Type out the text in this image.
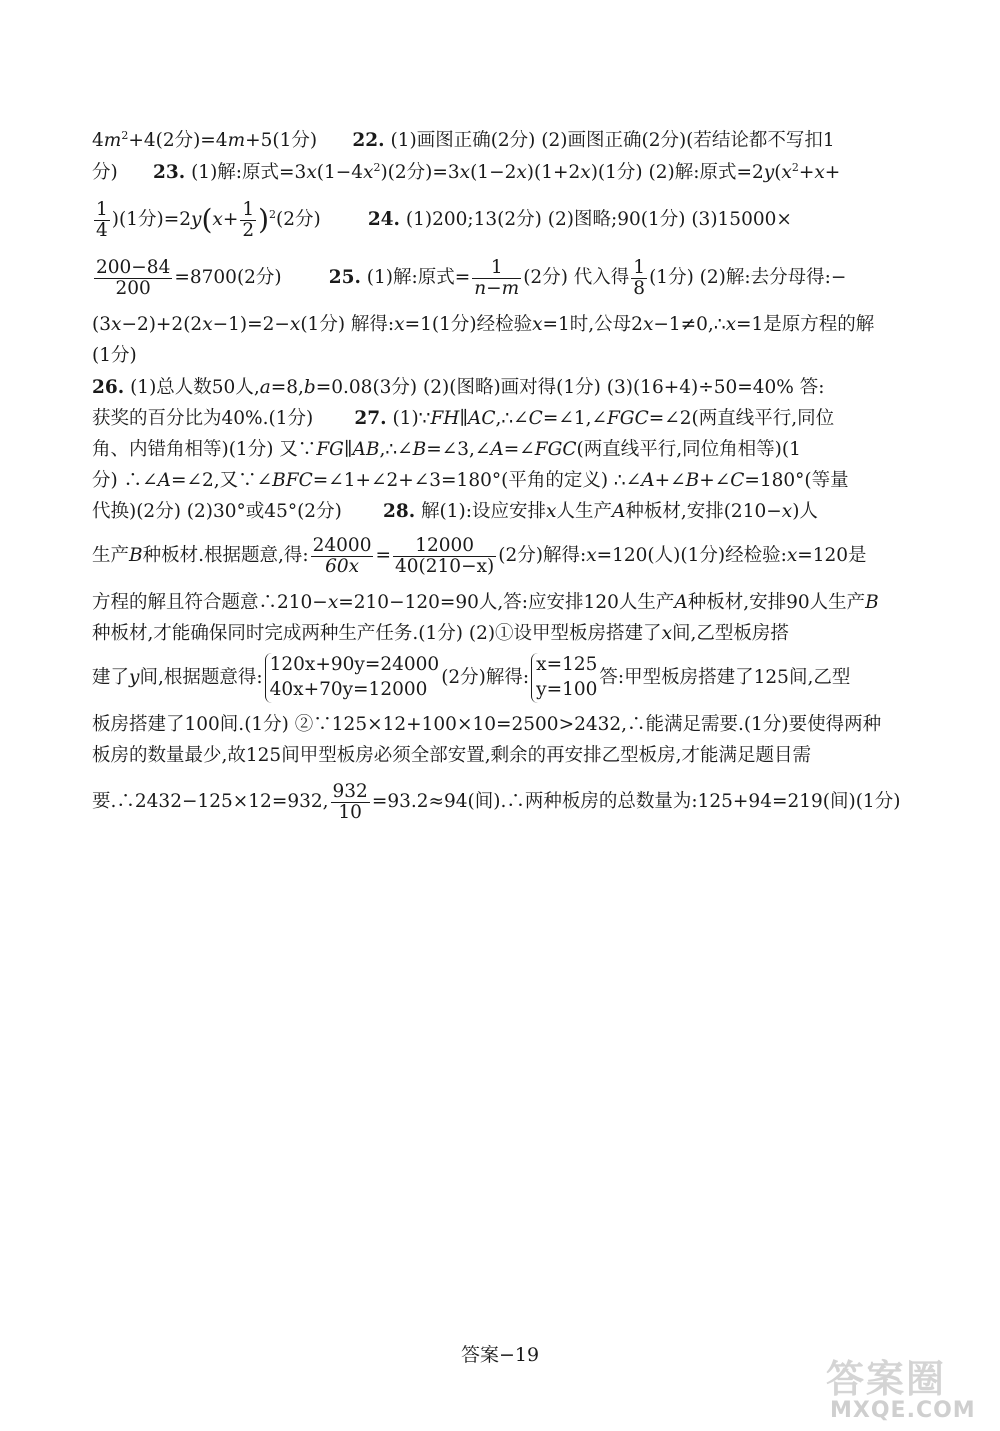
$4m^2+4(2$分)=4m+5(1分) 22. (1)画图正确(2分) (2)画图正确(2分)(若结论都不写扣1
分) 23. (1)解:原式$=3x(1-4x^2)(2$分)=3x(1−2x)(1+2x)(1分) (2)解:原式$=2y(x^2+x+$
$\frac{1}{4} )(1$分)$=2y(x+ \frac{1}{2} )^2(2$分)	24. (1)200;13(2分) (2)图略;90(1分) (3)15000×
$\frac{200-84}{200} =8700(2$分)	25. (1)解:原式= $\frac{1}{n-m} (2$分) 代入得 $\frac{1}{8} (1$分) (2)解:去分母得:−
(3x−2)+2(2x−1)=2−x(1分) 解得:x=1(1分)经检验x=1时,公母2x−1≠0,∴x=1是原方程的解
(1分)
26. (1)总人数50人,a=8,b=0.08(3分) (2)(图略)画对得(1分) (3)(16+4)÷50=40% 答:
获奖的百分比为40%.(1分) 27. (1)∵FH∥AC,∴∠C=∠1,∠FGC=∠2(两直线平行,同位
角、内错角相等)(1分) 又∵FG∥AB,∴∠B=∠3,∠A=∠FGC(两直线平行,同位角相等)(1
分) ∴∠A=∠2,又∵∠BFC=∠1+∠2+∠3=180°(平角的定义) ∴∠A+∠B+∠C=180°(等量
代换)(2分) (2)30°或45°(2分) 28. 解(1):设应安排x人生产A种板材,安排(210−x)人
生产B种板材.根据题意,得: $\frac{24000}{60x} = \frac{12000}{40(210-x)} (2$分)解得:x=120(人)(1分)经检验:x=120是
方程的解且符合题意∴210−x=210−120=90人,答:应安排120人生产A种板材,安排90人生产B
种板材,才能确保同时完成两种生产任务.(1分) (2)①设甲型板房搭建了x间,乙型板房搭
建了y间,根据题意得:
120x+90y=24000
40x+70y=12000
(2分)解得:
x=125
y=100
答:甲型板房搭建了125间,乙型
板房搭建了100间.(1分) ②∵125×12+100×10=2500>2432,∴能满足需要.(1分)要使得两种
板房的数量最少,故125间甲型板房必须全部安置,剩余的再安排乙型板房,才能满足题目需
要.∴2432−125×12=932, $\frac{932}{10} =93.2\approx 94$(间).∴两种板房的总数量为:125+94=219(间)(1分)
答案−19
答案圈
MXQE.COM
